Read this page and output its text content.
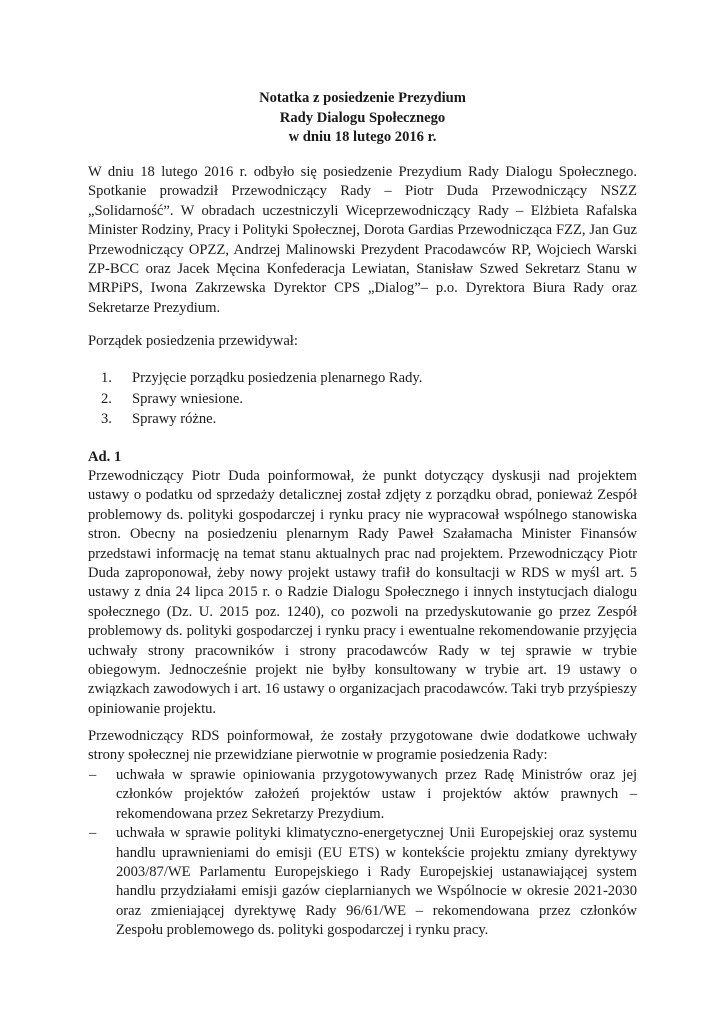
Notatka z posiedzenie Prezydium
Rady Dialogu Społecznego
w dniu 18 lutego 2016 r.
W dniu 18 lutego 2016 r. odbyło się posiedzenie Prezydium Rady Dialogu Społecznego. Spotkanie prowadził Przewodniczący Rady – Piotr Duda Przewodniczący NSZZ „Solidarność”. W obradach uczestniczyli Wiceprzewodniczący Rady – Elżbieta Rafalska Minister Rodziny, Pracy i Polityki Społecznej, Dorota Gardias Przewodnicząca FZZ, Jan Guz Przewodniczący OPZZ, Andrzej Malinowski Prezydent Pracodawców RP, Wojciech Warski ZP-BCC oraz Jacek Męcina Konfederacja Lewiatan, Stanisław Szwed Sekretarz Stanu w MRPiPS, Iwona Zakrzewska Dyrektor CPS „Dialog”– p.o. Dyrektora Biura Rady oraz Sekretarze Prezydium.
Porządek posiedzenia przewidywał:
1. Przyjęcie porządku posiedzenia plenarnego Rady.
2. Sprawy wniesione.
3. Sprawy różne.
Ad. 1
Przewodniczący Piotr Duda poinformował, że punkt dotyczący dyskusji nad projektem ustawy o podatku od sprzedaży detalicznej został zdjęty z porządku obrad, ponieważ Zespół problemowy ds. polityki gospodarczej i rynku pracy nie wypracował wspólnego stanowiska stron. Obecny na posiedzeniu plenarnym Rady Paweł Szałamacha Minister Finansów przedstawi informację na temat stanu aktualnych prac nad projektem. Przewodniczący Piotr Duda zaproponował, żeby nowy projekt ustawy trafił do konsultacji w RDS w myśl art. 5 ustawy z dnia 24 lipca 2015 r. o Radzie Dialogu Społecznego i innych instytucjach dialogu społecznego (Dz. U. 2015 poz. 1240), co pozwoli na przedyskutowanie go przez Zespół problemowy ds. polityki gospodarczej i rynku pracy i ewentualne rekomendowanie przyjęcia uchwały strony pracowników i strony pracodawców Rady w tej sprawie w trybie obiegowym. Jednocześnie projekt nie byłby konsultowany w trybie art. 19 ustawy o związkach zawodowych i art. 16 ustawy o organizacjach pracodawców. Taki tryb przyśpieszy opiniowanie projektu.
Przewodniczący RDS poinformował, że zostały przygotowane dwie dodatkowe uchwały strony społecznej nie przewidziane pierwotnie w programie posiedzenia Rady:
– uchwała w sprawie opiniowania przygotowywanych przez Radę Ministrów oraz jej członków projektów założeń projektów ustaw i projektów aktów prawnych – rekomendowana przez Sekretarzy Prezydium.
– uchwała w sprawie polityki klimatyczno-energetycznej Unii Europejskiej oraz systemu handlu uprawnieniami do emisji (EU ETS) w kontekście projektu zmiany dyrektywy 2003/87/WE Parlamentu Europejskiego i Rady Europejskiej ustanawiającej system handlu przydziałami emisji gazów cieplarnianych we Wspólnocie w okresie 2021-2030 oraz zmieniającej dyrektywę Rady 96/61/WE – rekomendowana przez członków Zespołu problemowego ds. polityki gospodarczej i rynku pracy.
